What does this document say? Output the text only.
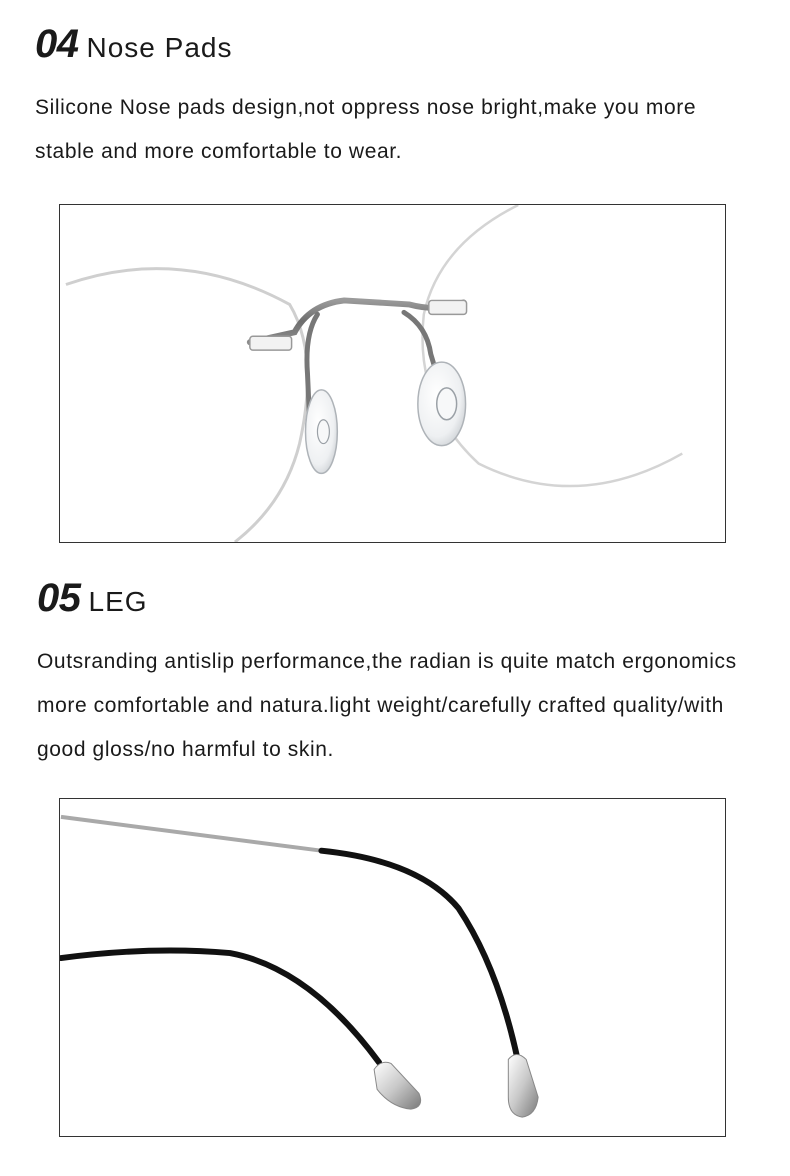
04 Nose Pads

Silicone Nose pads design,not oppress nose bright,make you more stable and more comfortable to wear.

05 LEG

Outsranding antislip performance,the radian is quite match ergonomics more comfortable and natura.light weight/carefully crafted quality/with good gloss/no harmful to skin.
